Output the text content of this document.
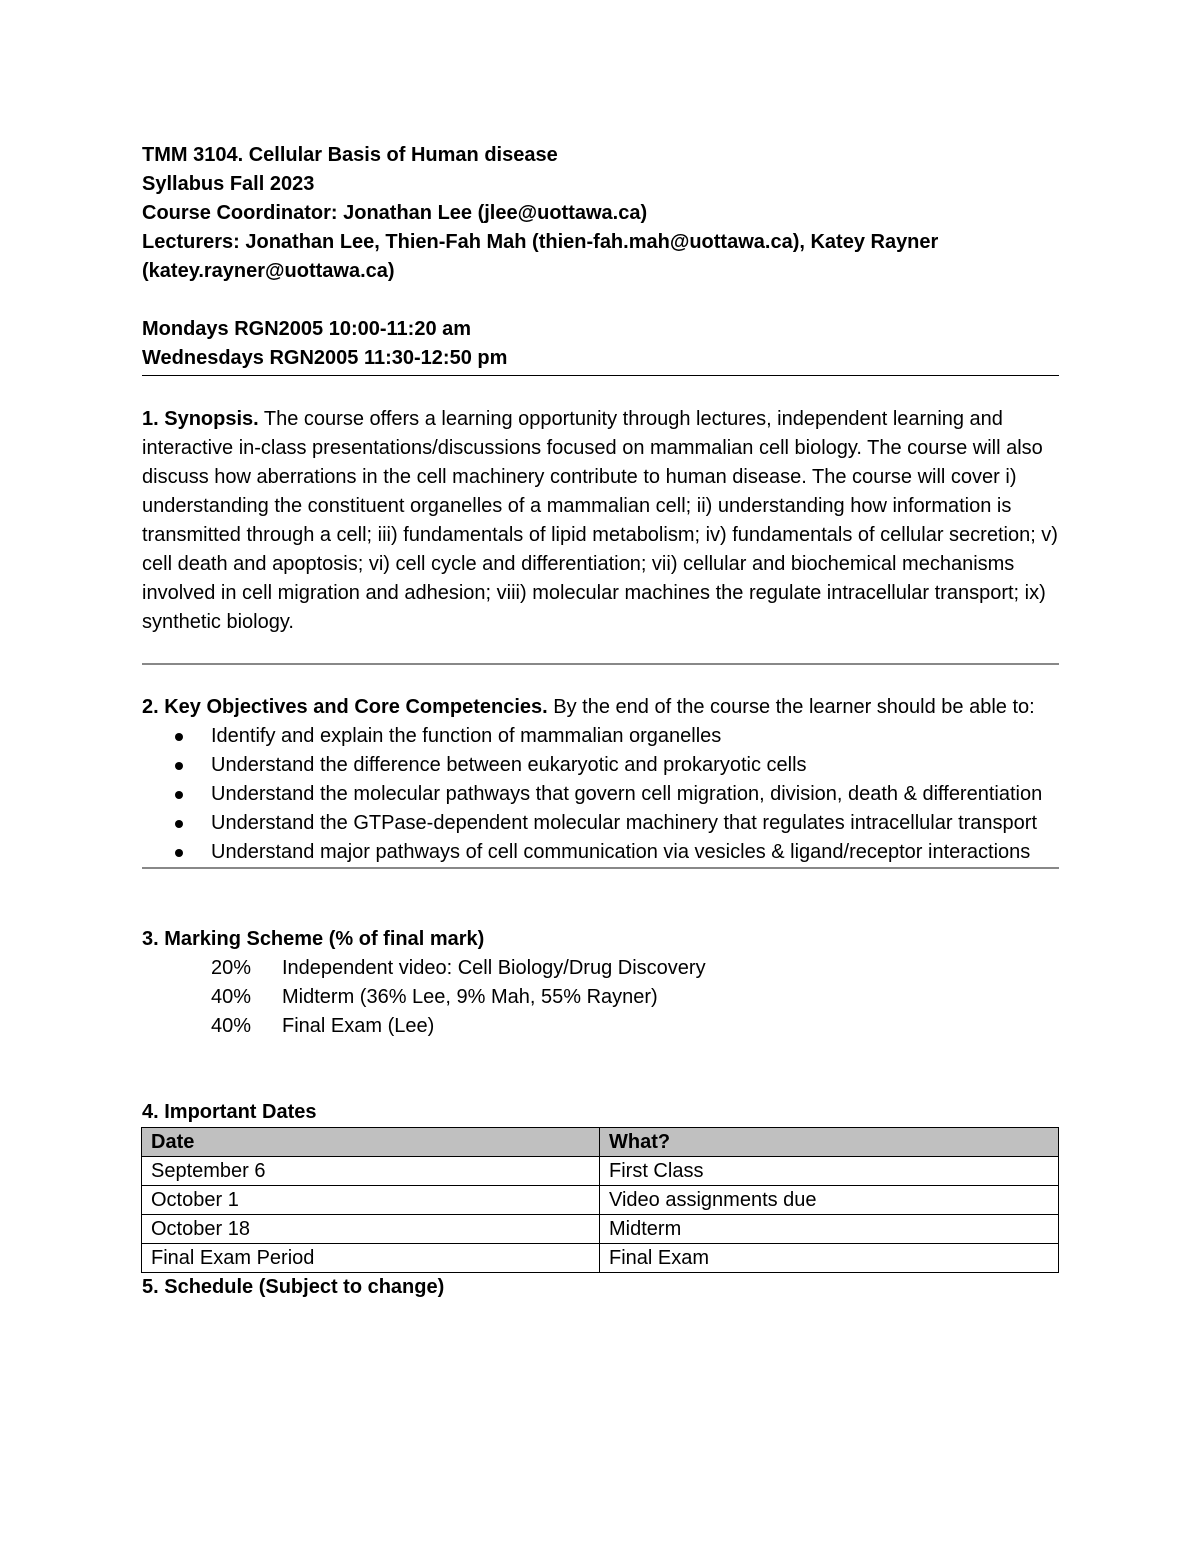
TMM 3104. Cellular Basis of Human disease

Syllabus Fall 2023

Course Coordinator: Jonathan Lee (jlee@uottawa.ca)

Lecturers: Jonathan Lee, Thien-Fah Mah (thien-fah.mah@uottawa.ca), Katey Rayner

(katey.rayner@uottawa.ca)

Mondays RGN2005 10:00-11:20 am

Wednesdays RGN2005 11:30-12:50 pm

1. Synopsis. The course offers a learning opportunity through lectures, independent learning and interactive in-class presentations/discussions focused on mammalian cell biology. The course will also discuss how aberrations in the cell machinery contribute to human disease. The course will cover i) understanding the constituent organelles of a mammalian cell; ii) understanding how information is transmitted through a cell; iii) fundamentals of lipid metabolism; iv) fundamentals of cellular secretion; v) cell death and apoptosis; vi) cell cycle and differentiation; vii) cellular and biochemical mechanisms involved in cell migration and adhesion; viii) molecular machines the regulate intracellular transport; ix) synthetic biology.

2. Key Objectives and Core Competencies. By the end of the course the learner should be able to:

Identify and explain the function of mammalian organelles
Understand the difference between eukaryotic and prokaryotic cells
Understand the molecular pathways that govern cell migration, division, death & differentiation
Understand the GTPase-dependent molecular machinery that regulates intracellular transport
Understand major pathways of cell communication via vesicles & ligand/receptor interactions

3. Marking Scheme (% of final mark)

20%	Independent video: Cell Biology/Drug Discovery
40%	Midterm (36% Lee, 9% Mah, 55% Rayner)
40%	Final Exam (Lee)

4. Important Dates

Date	What?
September 6	First Class
October 1	Video assignments due
October 18	Midterm
Final Exam Period	Final Exam

5. Schedule (Subject to change)
